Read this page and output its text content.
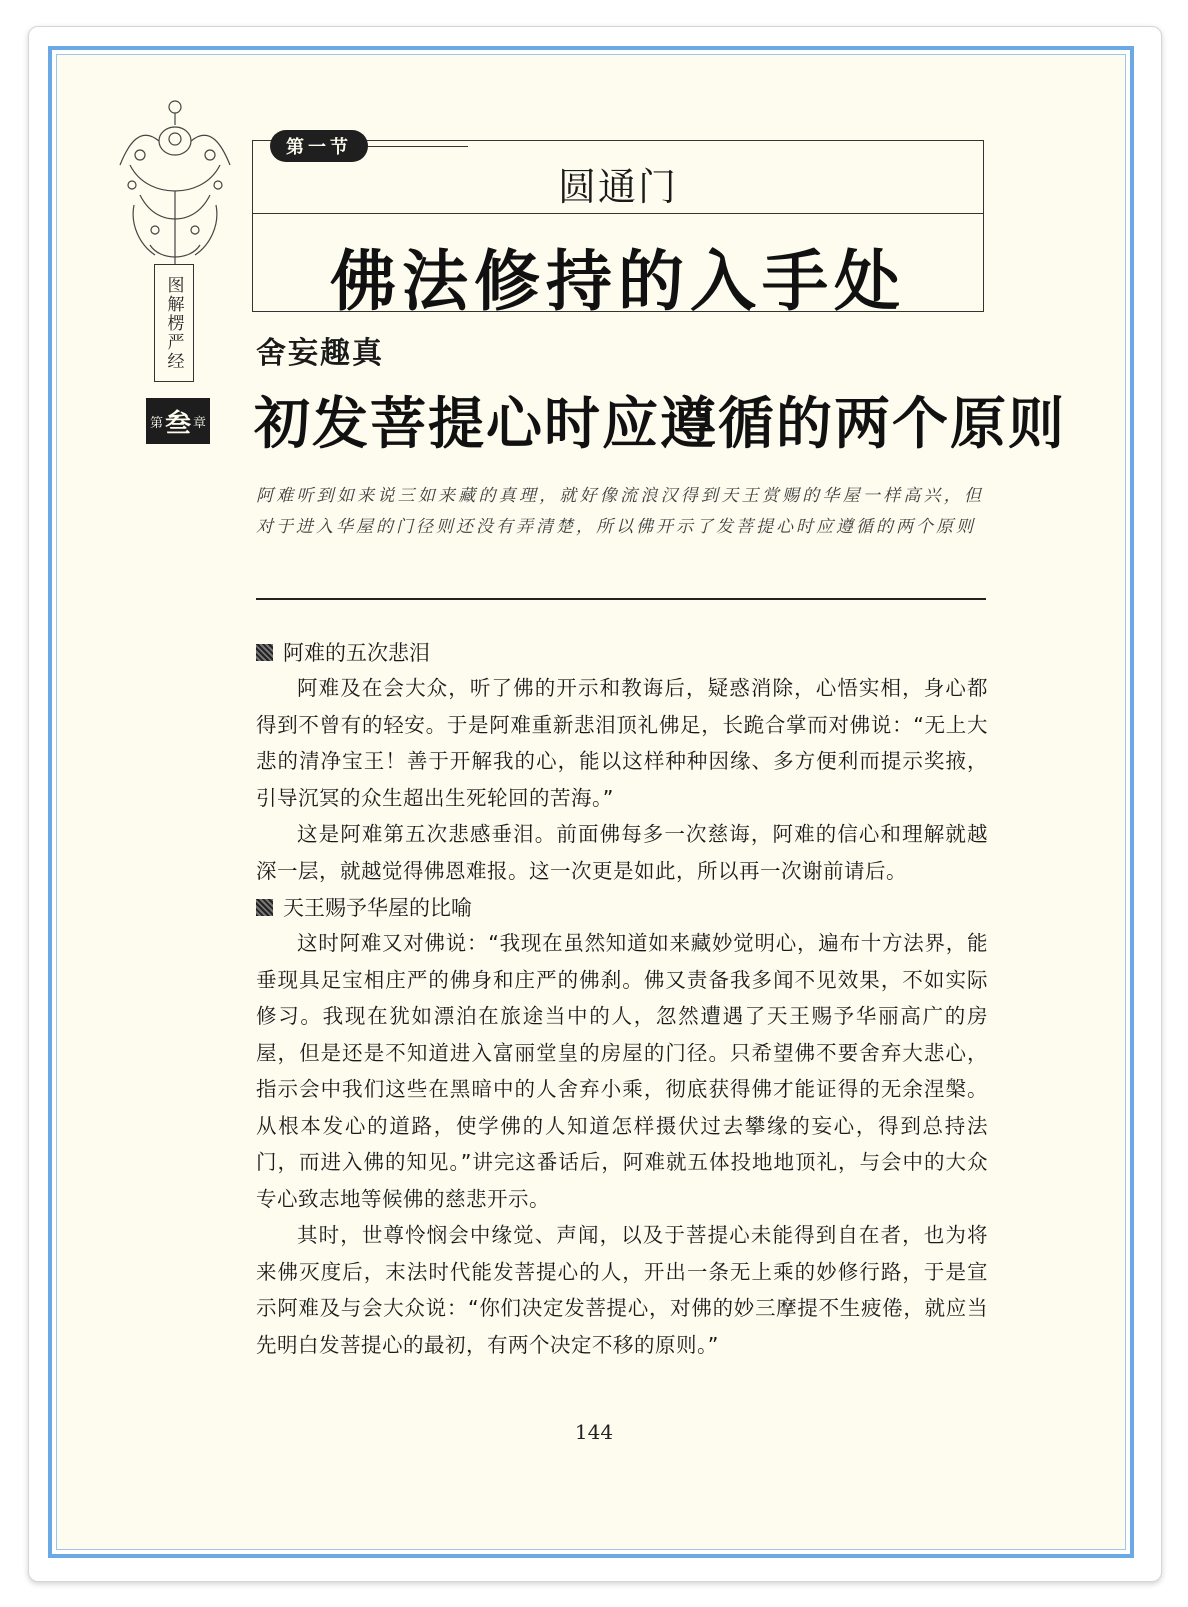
图解楞严经
第 叁 章
第一节
圆通门
佛法修持的入手处
舍妄趣真
初发菩提心时应遵循的两个原则
阿难听到如来说三如来藏的真理，就好像流浪汉得到天王赏赐的华屋一样高兴，但对于进入华屋的门径则还没有弄清楚，所以佛开示了发菩提心时应遵循的两个原则
阿难的五次悲泪

阿难及在会大众，听了佛的开示和教诲后，疑惑消除，心悟实相，身心都得到不曾有的轻安。于是阿难重新悲泪顶礼佛足，长跪合掌而对佛说：“无上大悲的清净宝王！善于开解我的心，能以这样种种因缘、多方便利而提示奖掖，引导沉冥的众生超出生死轮回的苦海。”

这是阿难第五次悲感垂泪。前面佛每多一次慈诲，阿难的信心和理解就越深一层，就越觉得佛恩难报。这一次更是如此，所以再一次谢前请后。

天王赐予华屋的比喻

这时阿难又对佛说：“我现在虽然知道如来藏妙觉明心，遍布十方法界，能垂现具足宝相庄严的佛身和庄严的佛刹。佛又责备我多闻不见效果，不如实际修习。我现在犹如漂泊在旅途当中的人，忽然遭遇了天王赐予华丽高广的房屋，但是还是不知道进入富丽堂皇的房屋的门径。只希望佛不要舍弃大悲心，指示会中我们这些在黑暗中的人舍弃小乘，彻底获得佛才能证得的无余涅槃。从根本发心的道路，使学佛的人知道怎样摄伏过去攀缘的妄心，得到总持法门，而进入佛的知见。”讲完这番话后，阿难就五体投地地顶礼，与会中的大众专心致志地等候佛的慈悲开示。

其时，世尊怜悯会中缘觉、声闻，以及于菩提心未能得到自在者，也为将来佛灭度后，末法时代能发菩提心的人，开出一条无上乘的妙修行路，于是宣示阿难及与会大众说：“你们决定发菩提心，对佛的妙三摩提不生疲倦，就应当先明白发菩提心的最初，有两个决定不移的原则。”

144
